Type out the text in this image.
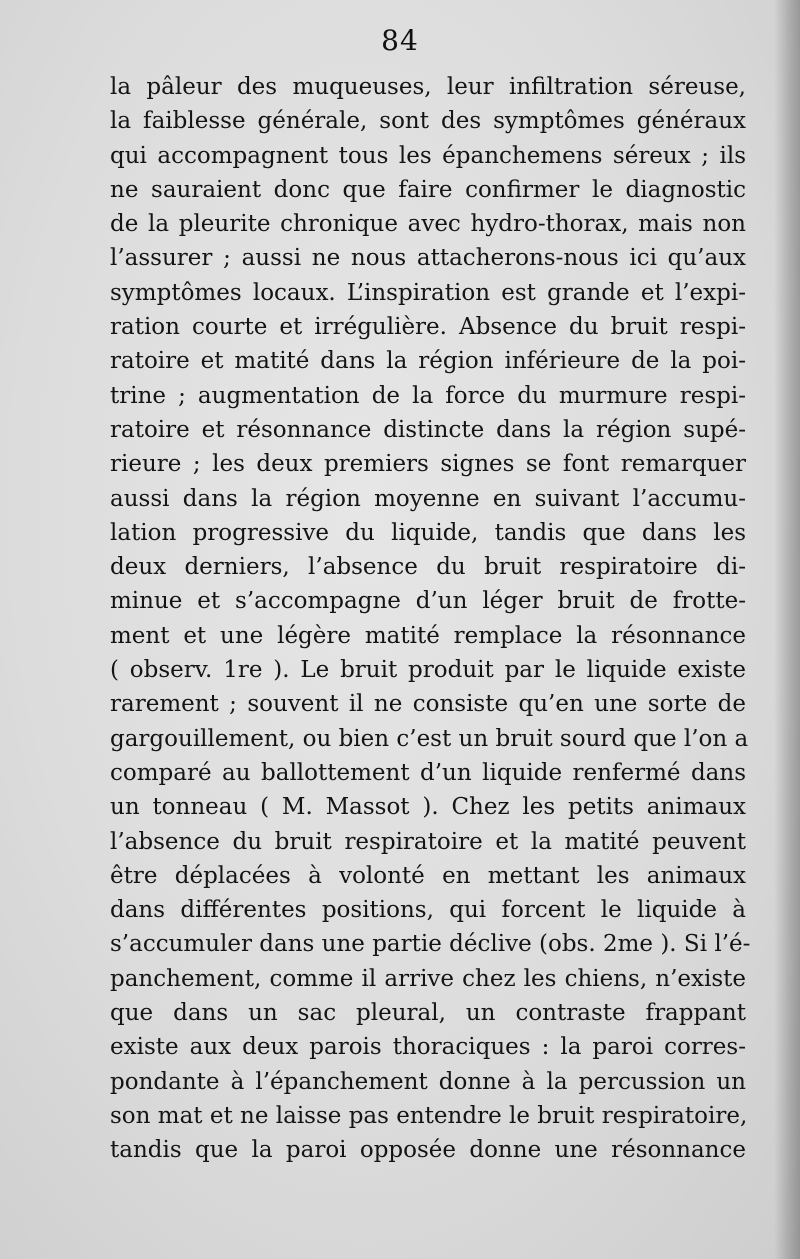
84
la pâleur des muqueuses, leur infiltration séreuse,
la faiblesse générale, sont des symptômes généraux
qui accompagnent tous les épanchemens séreux ; ils
ne sauraient donc que faire confirmer le diagnostic
de la pleurite chronique avec hydro-thorax, mais non
l’assurer ; aussi ne nous attacherons-nous ici qu’aux
symptômes locaux. L’inspiration est grande et l’expi-
ration courte et irrégulière. Absence du bruit respi-
ratoire et matité dans la région inférieure de la poi-
trine ; augmentation de la force du murmure respi-
ratoire et résonnance distincte dans la région supé-
rieure ; les deux premiers signes se font remarquer
aussi dans la région moyenne en suivant l’accumu-
lation progressive du liquide, tandis que dans les
deux derniers, l’absence du bruit respiratoire di-
minue et s’accompagne d’un léger bruit de frotte-
ment et une légère matité remplace la résonnance
( observ. 1re ). Le bruit produit par le liquide existe
rarement ; souvent il ne consiste qu’en une sorte de
gargouillement, ou bien c’est un bruit sourd que l’on a
comparé au ballottement d’un liquide renfermé dans
un tonneau ( M. Massot ). Chez les petits animaux
l’absence du bruit respiratoire et la matité peuvent
être déplacées à volonté en mettant les animaux
dans différentes positions, qui forcent le liquide à
s’accumuler dans une partie déclive (obs. 2me ). Si l’é-
panchement, comme il arrive chez les chiens, n’existe
que dans un sac pleural, un contraste frappant
existe aux deux parois thoraciques : la paroi corres-
pondante à l’épanchement donne à la percussion un
son mat et ne laisse pas entendre le bruit respiratoire,
tandis que la paroi opposée donne une résonnance
